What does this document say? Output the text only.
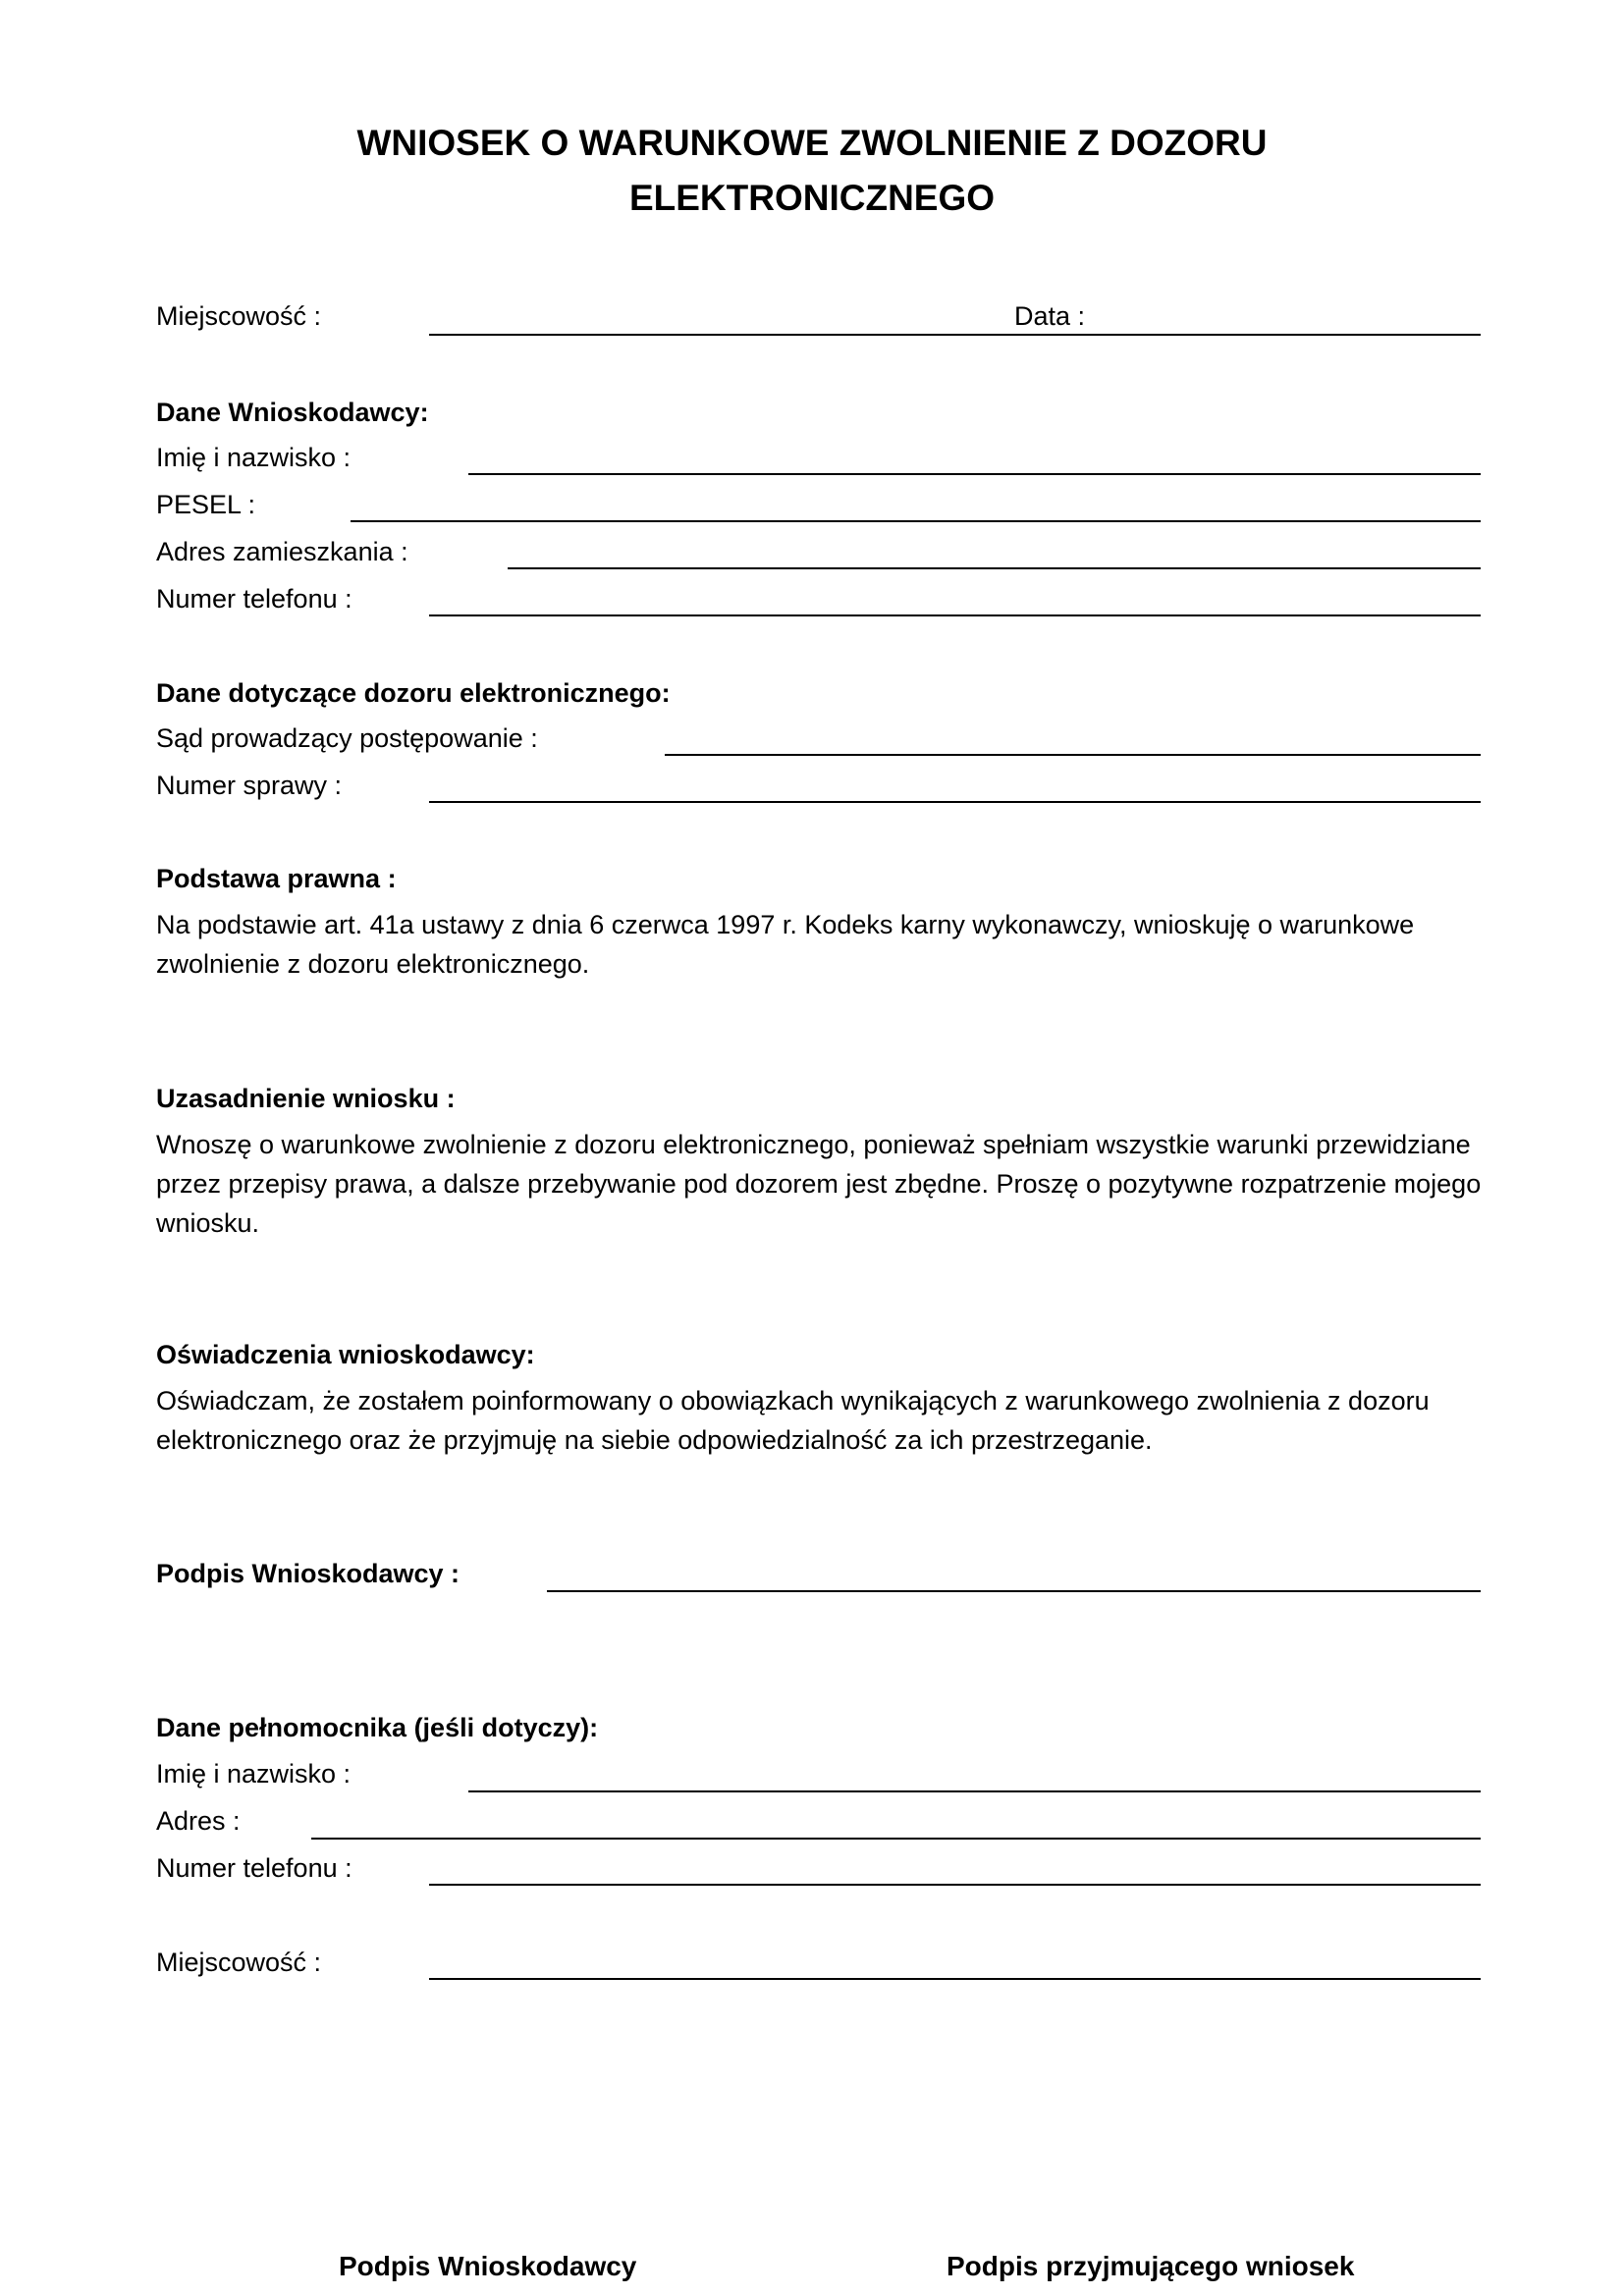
WNIOSEK O WARUNKOWE ZWOLNIENIE Z DOZORU
ELEKTRONICZNEGO
Miejscowość :	Data :
Dane Wnioskodawcy:
Imię i nazwisko :
PESEL :
Adres zamieszkania :
Numer telefonu :
Dane dotyczące dozoru elektronicznego:
Sąd prowadzący postępowanie :
Numer sprawy :
Podstawa prawna :
Na podstawie art. 41a ustawy z dnia 6 czerwca 1997 r. Kodeks karny wykonawczy, wnioskuję o warunkowe zwolnienie z dozoru elektronicznego.
Uzasadnienie wniosku :
Wnoszę o warunkowe zwolnienie z dozoru elektronicznego, ponieważ spełniam wszystkie warunki przewidziane przez przepisy prawa, a dalsze przebywanie pod dozorem jest zbędne. Proszę o pozytywne rozpatrzenie mojego wniosku.
Oświadczenia wnioskodawcy:
Oświadczam, że zostałem poinformowany o obowiązkach wynikających z warunkowego zwolnienia z dozoru elektronicznego oraz że przyjmuję na siebie odpowiedzialność za ich przestrzeganie.
Podpis Wnioskodawcy :
Dane pełnomocnika (jeśli dotyczy):
Imię i nazwisko :
Adres :
Numer telefonu :
Miejscowość :
Podpis Wnioskodawcy	Podpis przyjmującego wniosek
